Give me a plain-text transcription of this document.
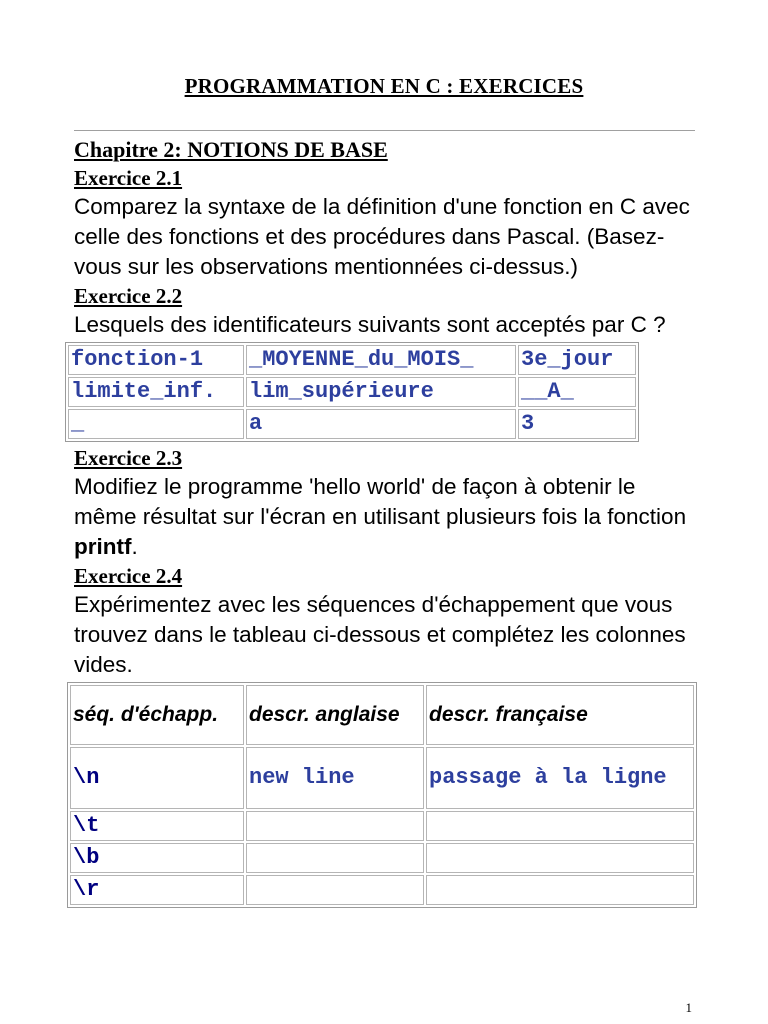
PROGRAMMATION EN C : EXERCICES

Chapitre 2: NOTIONS DE BASE

Exercice 2.1

Comparez la syntaxe de la définition d'une fonction en C avec celle des fonctions et des procédures dans Pascal. (Basez-vous sur les observations mentionnées ci-dessus.)

Exercice 2.2

Lesquels des identificateurs suivants sont acceptés par C ?

fonction-1	_MOYENNE_du_MOIS_	3e_jour
limite_inf.	lim_supérieure	__A_
_	a	3

Exercice 2.3

Modifiez le programme 'hello world' de façon à obtenir le même résultat sur l'écran en utilisant plusieurs fois la fonction printf.

Exercice 2.4

Expérimentez avec les séquences d'échappement que vous trouvez dans le tableau ci-dessous et complétez les colonnes vides.

séq. d'échapp.	descr. anglaise	descr. française
\n	new line	passage à la ligne
\t		
\b		
\r		
1
